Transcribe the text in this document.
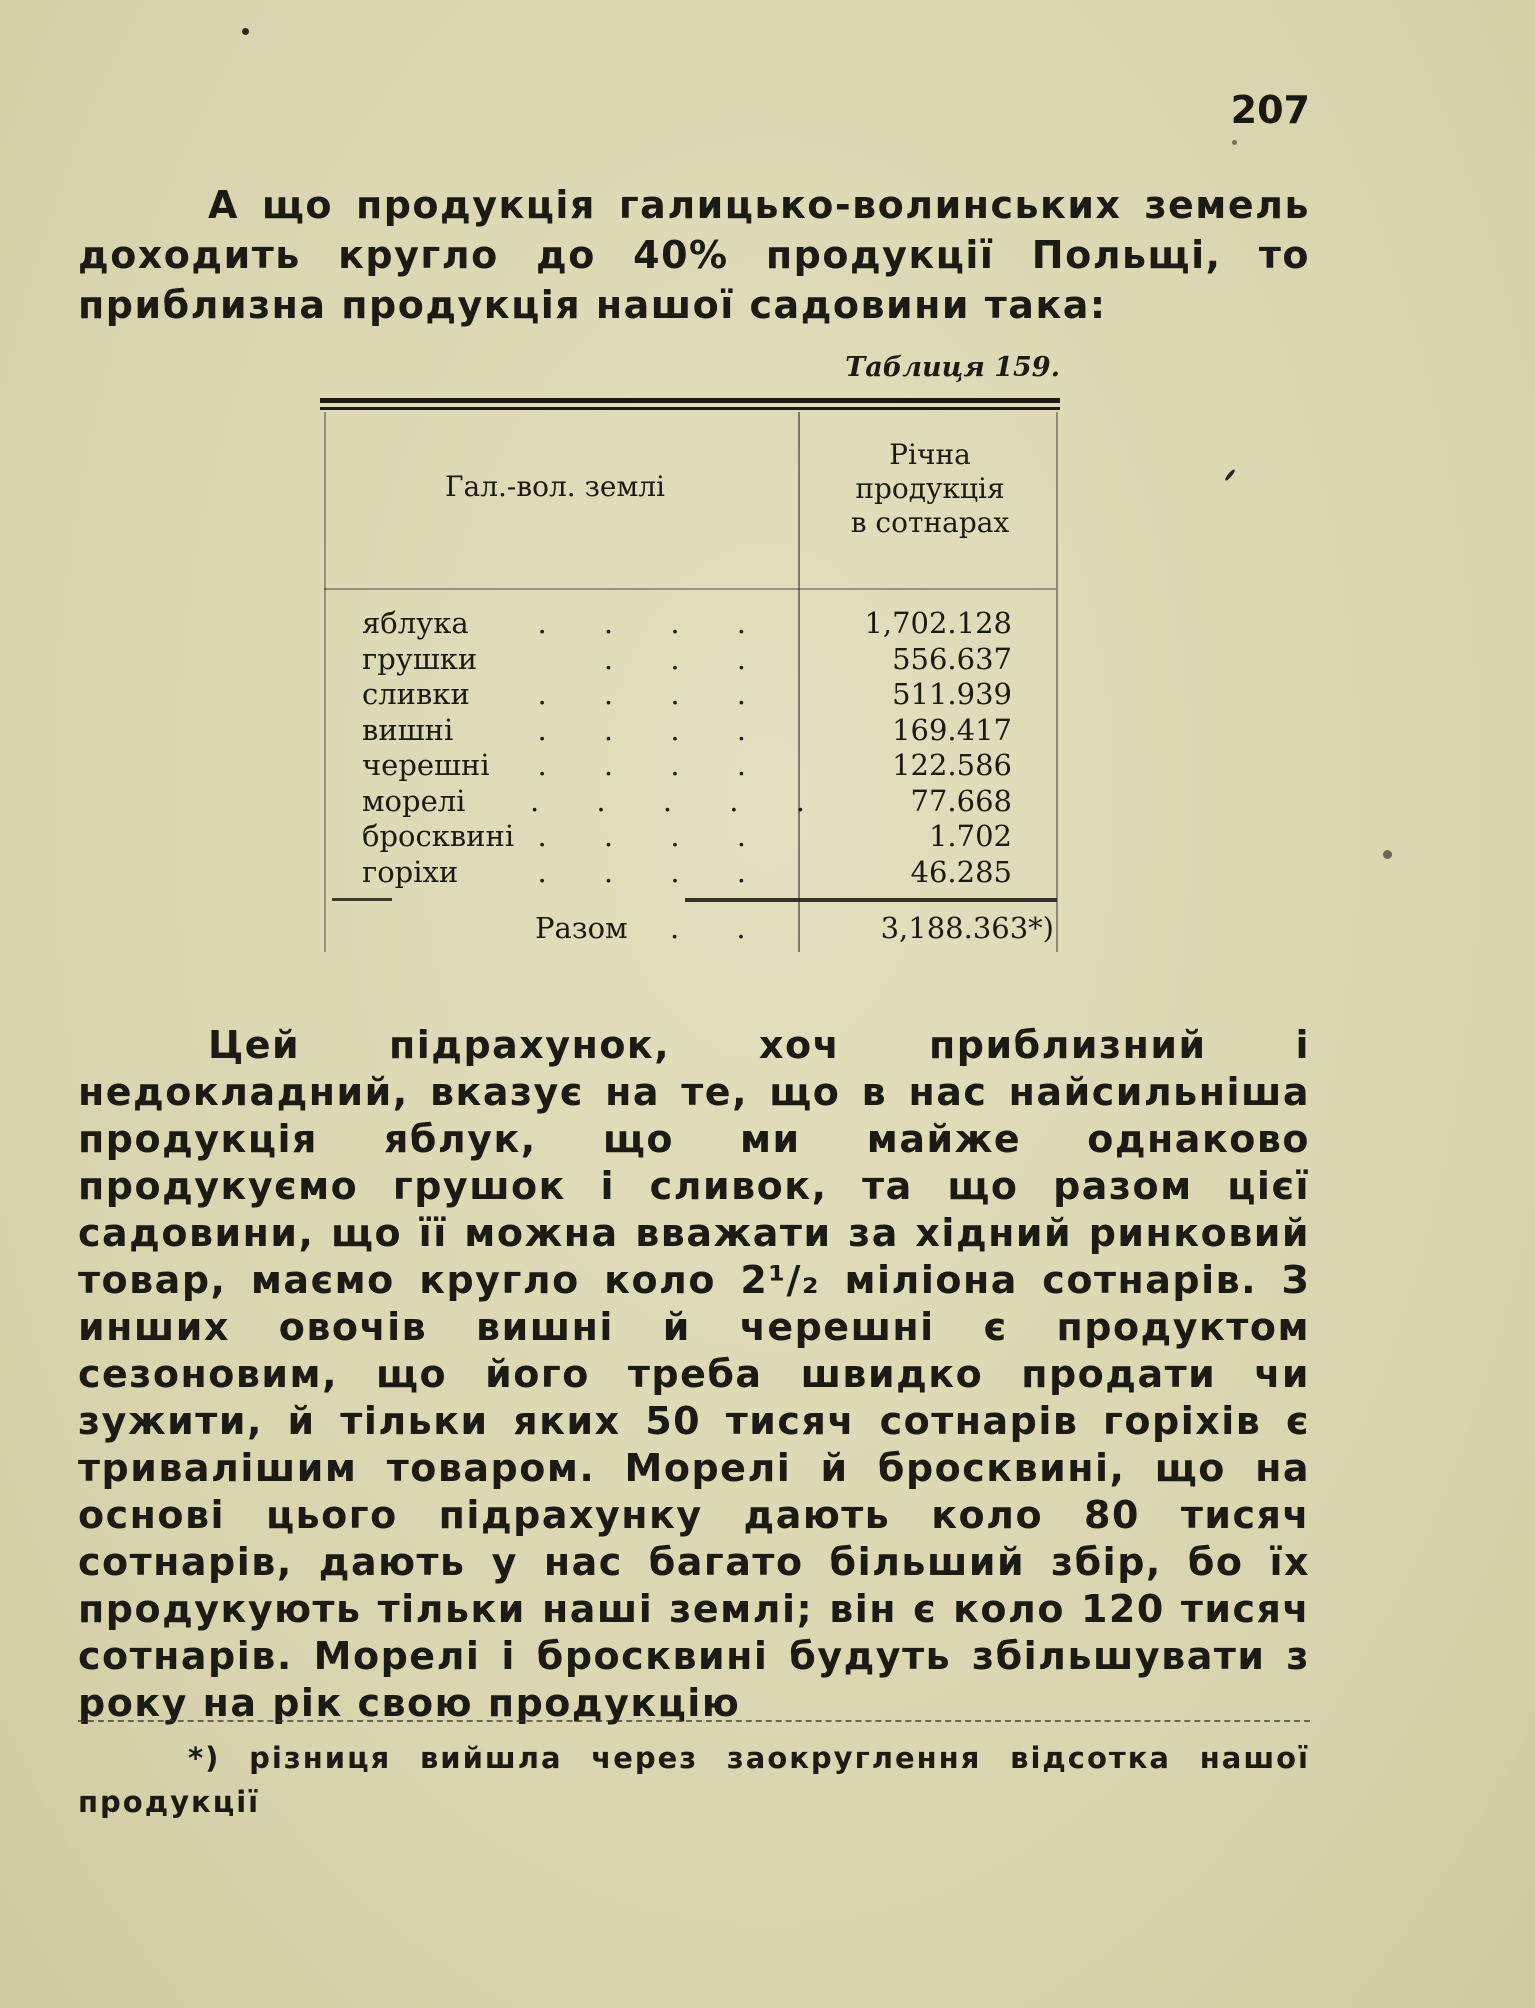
207
А що продукція галицько-волинських земель доходить кругло до 40% продукції Польщі, то приблизна продукція нашої садовини така:
Таблиця 159.
Гал.-вол. землі
Річна
продукція
в сотнарах
яблука . . . .	1,702.128
грушки	. . .	556.637
сливки . . . .	511.939
вишні	. . . .	169.417
черешні . . . .	122.586
морелі . . . . .	77.668
бросквині . . . .	1.702
горіхи	. . . .	46.285
Разом . .	3,188.363*)
Цей підрахунок, хоч приблизний і недокладний, вказує на те, що в нас найсильніша продукція яблук, що ми майже однаково продукуємо грушок і сливок, та що разом цієї садовини, що її можна вважати за хідний ринковий товар, маємо кругло коло 2¹/₂ міліона сотнарів. З инших овочів вишні й черешні є продуктом сезоновим, що його треба швидко продати чи зужити, й тільки яких 50 тисяч сотнарів горіхів є тривалішим товаром. Морелі й бросквині, що на основі цього підрахунку дають коло 80 тисяч сотнарів, дають у нас багато більший збір, бо їх продукують тільки наші землі; він є коло 120 тисяч сотнарів. Морелі і бросквині будуть збільшувати з року на рік свою продукцію
*) різниця вийшла через заокруглення відсотка нашої продукції
